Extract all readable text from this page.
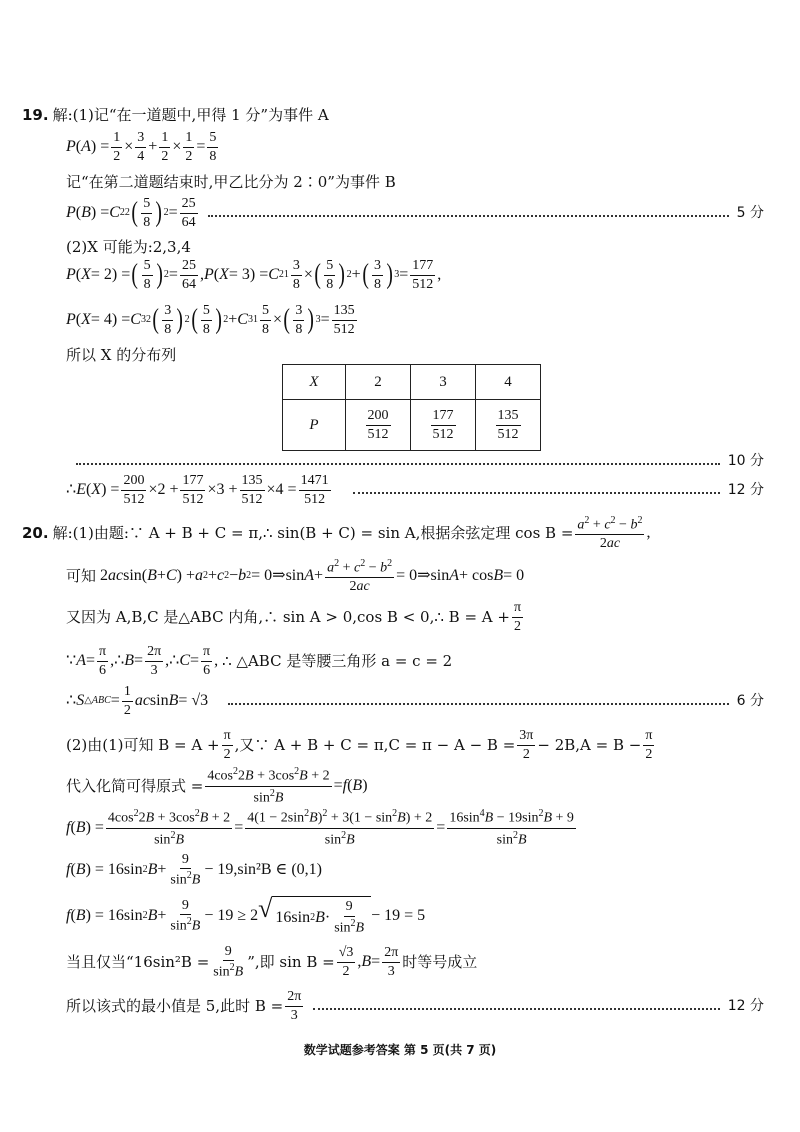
19. 解:(1)记“在一道题中,甲得 1 分”为事件 A
P ( A ) = $\frac{1}{2} \times \frac{3}{4} + \frac{1}{2} \times \frac{1}{2} = \frac{5}{8}$
记“在第二道题结束时,甲乙比分为 2∶0”为事件 B
P ( B ) = C 2 2 ( $\frac{5}{8}$ ) $2 = \frac{25}{64}$	5 分
(2)X 可能为:2,3,4
P ( X = 2) = ( $\frac{5}{8}$ ) $2 = \frac{25}{64}$ , P ( X = 3) = C 2 $1 \frac{3}{8}$ × ( $\frac{5}{8}$ ) 2 + ( $\frac{3}{8}$ ) $3 = \frac{177}{512}$ ,
P ( X = 4) = C 3 2 ( $\frac{3}{8}$ ) 2 ( $\frac{5}{8}$ ) 2 + C 3 $1 \frac{5}{8}$ × ( $\frac{3}{8}$ ) $3 = \frac{135}{512}$
所以 X 的分布列
X	2	3	4
P	$\frac{200}{512}$	$\frac{177}{512}$	$\frac{135}{512}$
10 分
∴ E ( X ) = $\frac{200}{512} \times 2 + \frac{177}{512} \times 3 + \frac{135}{512} \times 4 = \frac{1471}{512}$	12 分
20. 解:(1)由题:∵ A + B + C = π,∴ sin(B + C) = sin A,根据余弦定理 $\cos B = \frac{a^2 + c^2 - b^2}{2ac}$ ,
可知 2 ac sin( B + C ) + a 2 + c 2 − b 2 = 0⇒sin $A + \frac{a^2 + c^2 - b^2}{2ac}$ = 0⇒sin A + cos B = 0
又因为 A,B,C 是△ABC 内角,∴ sin A > 0,cos B < 0,∴ $B = A + \frac{\pi}{2}$
∵ $A = \frac{\pi}{6}$ ,∴ $B = \frac{2\pi}{3}$ ,∴ $C = \frac{\pi}{6}$ , ∴ △ABC 是等腰三角形 a = c = 2
∴ S △ABC = $\frac{1}{2}$ ac sin B = √3	6 分
(2)由(1)可知 $B = A + \frac{\pi}{2}$ ,又∵ $A + B + C = \pi,C = \pi - A - B = \frac{3\pi}{2} - 2B,A = B - \frac{\pi}{2}$
代入化简可得原式 = $\frac{4\cos^22B + 3\cos^2B + 2}{\sin^2B} = f$ ( B )
f ( B ) = $\frac{4\cos^22B + 3\cos^2B + 2}{\sin^2B} = \frac{4(1 - 2\sin^2B)^2 + 3(1 - \sin^2B) + 2}{\sin^2B} = \frac{16\sin^4B - 19\sin^2B + 9}{\sin^2B}$
f ( B ) = 16sin 2 $B + \frac{9}{\sin^2B} - 19$ ,sin²B ∈ (0,1)
f ( B ) = 16sin 2 $B + \frac{9}{\sin^2B} - 19 \ge 2$ √ 16sin 2 $B \cdot \frac{9}{\sin^2B} - 19 = 5$
当且仅当“$16\sin^2B = \frac{9}{\sin^2B}$ ”,即 $\sin B = \frac{√3}{2}$ , $B = \frac{2\pi}{3}$ 时等号成立
所以该式的最小值是 5,此时 $B = \frac{2\pi}{3}$	12 分
数学试题参考答案 第 5 页(共 7 页)
